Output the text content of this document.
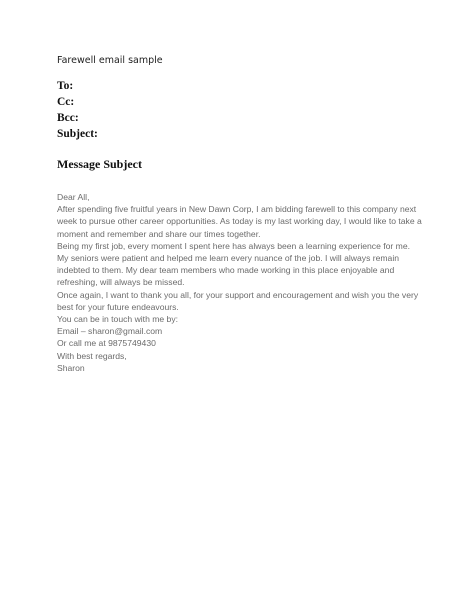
Farewell email sample

To:
Cc:
Bcc:
Subject:
Message Subject

Dear All,

After spending five fruitful years in New Dawn Corp, I am bidding farewell to this company next week to pursue other career opportunities. As today is my last working day, I would like to take a moment and remember and share our times together.

Being my first job, every moment I spent here has always been a learning experience for me. My seniors were patient and helped me learn every nuance of the job. I will always remain indebted to them. My dear team members who made working in this place enjoyable and refreshing, will always be missed.

Once again, I want to thank you all, for your support and encouragement and wish you the very best for your future endeavours.

You can be in touch with me by:

Email – sharon@gmail.com

Or call me at 9875749430

With best regards,

Sharon
